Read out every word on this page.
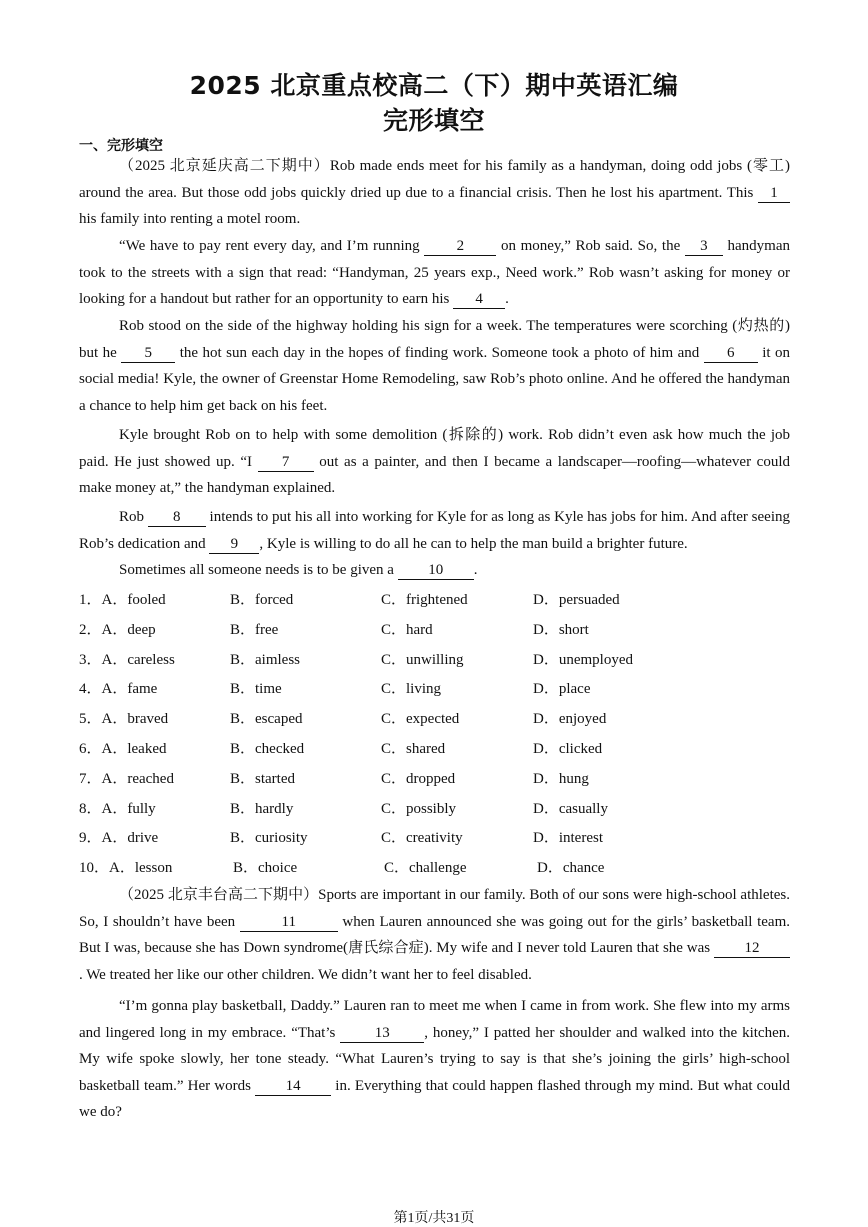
2025 北京重点校高二（下）期中英语汇编
完形填空
一、完形填空
（2025 北京延庆高二下期中）Rob made ends meet for his family as a handyman, doing odd jobs (零工) around the area. But those odd jobs quickly dried up due to a financial crisis. Then he lost his apartment. This 1 his family into renting a motel room.
“We have to pay rent every day, and I’m running 2 on money,” Rob said. So, the 3 handyman took to the streets with a sign that read: “Handyman, 25 years exp., Need work.” Rob wasn’t asking for money or looking for a handout but rather for an opportunity to earn his 4 .
Rob stood on the side of the highway holding his sign for a week. The temperatures were scorching (灼热的) but he 5 the hot sun each day in the hopes of finding work. Someone took a photo of him and 6 it on social media! Kyle, the owner of Greenstar Home Remodeling, saw Rob’s photo online. And he offered the handyman a chance to help him get back on his feet.
Kyle brought Rob on to help with some demolition (拆除的) work. Rob didn’t even ask how much the job paid. He just showed up. “I 7 out as a painter, and then I became a landscaper—roofing—whatever could make money at,” the handyman explained.
Rob 8 intends to put his all into working for Kyle for as long as Kyle has jobs for him. And after seeing Rob’s dedication and 9 , Kyle is willing to do all he can to help the man build a brighter future.
Sometimes all someone needs is to be given a 10 .
1．A．fooled	B．forced	C．frightened	D．persuaded
2．A．deep	B．free	C．hard	D．short
3．A．careless	B．aimless	C．unwilling	D．unemployed
4．A．fame	B．time	C．living	D．place
5．A．braved	B．escaped	C．expected	D．enjoyed
6．A．leaked	B．checked	C．shared	D．clicked
7．A．reached	B．started	C．dropped	D．hung
8．A．fully	B．hardly	C．possibly	D．casually
9．A．drive	B．curiosity	C．creativity	D．interest
10．A．lesson	B．choice	C．challenge	D．chance
（2025 北京丰台高二下期中）Sports are important in our family. Both of our sons were high-school athletes. So, I shouldn’t have been	11	when Lauren announced she was going out for the girls’ basketball team. But I was, because she has Down syndrome(唐氏综合症). My wife and I never told Lauren that she was 12. We treated her like our other children. We didn’t want her to feel disabled.
“I’m gonna play basketball, Daddy.” Lauren ran to meet me when I came in from work. She flew into my arms and lingered long in my embrace. “That’s 13 , honey,” I patted her shoulder and walked into the kitchen. My wife spoke slowly, her tone steady. “What Lauren’s trying to say is that she’s joining the girls’ high-school basketball team.” Her words 14 in. Everything that could happen flashed through my mind. But what could we do?
第1页/共31页
